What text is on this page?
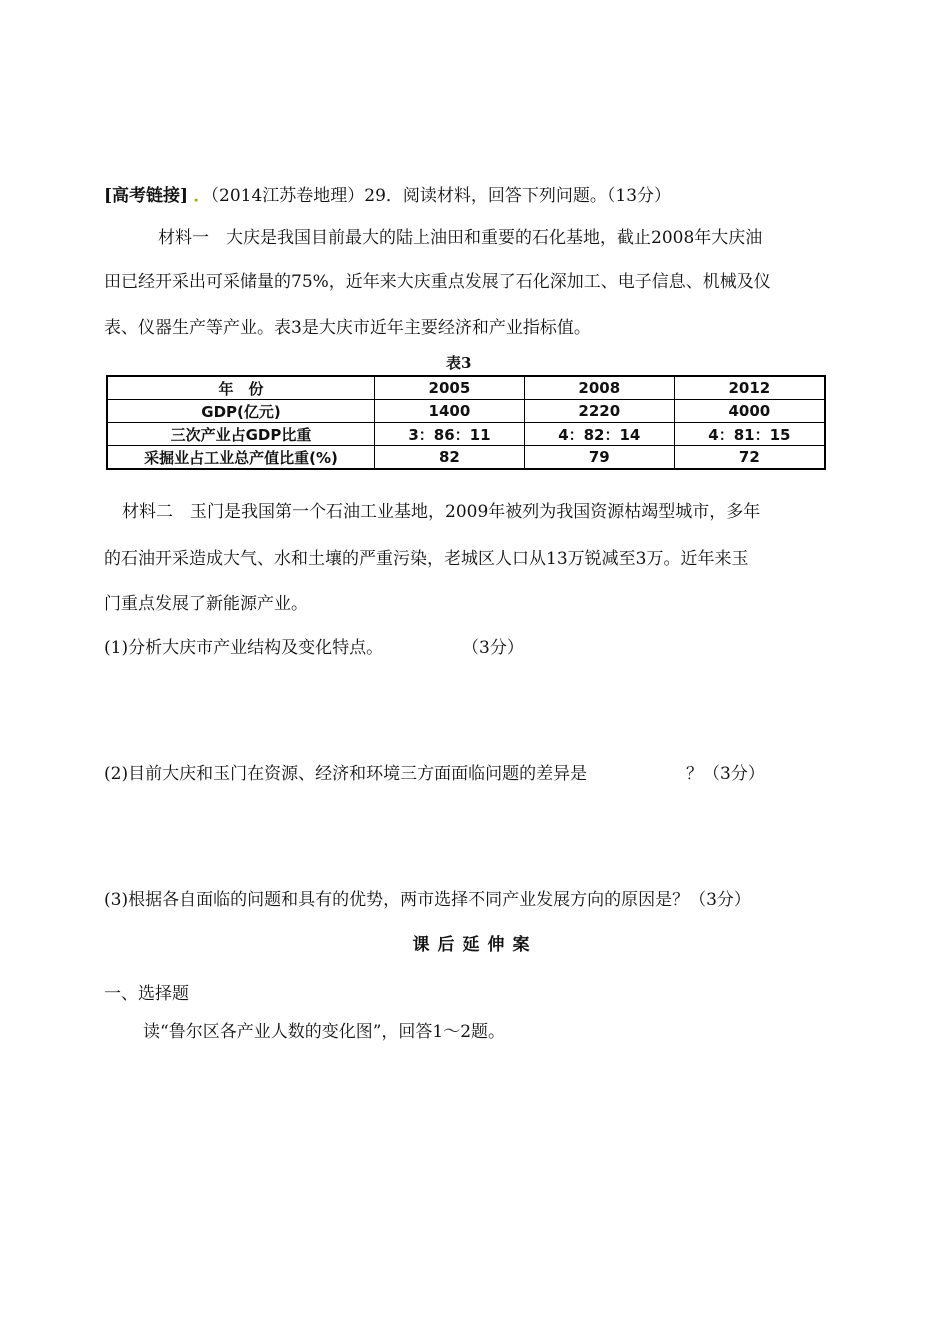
[高考链接] ．（2014江苏卷地理）29．阅读材料，回答下列问题。（13分）
材料一　大庆是我国目前最大的陆上油田和重要的石化基地，截止2008年大庆油
田已经开采出可采储量的75%，近年来大庆重点发展了石化深加工、电子信息、机械及仪
表、仪器生产等产业。表3是大庆市近年主要经济和产业指标值。
表3
年　份	2005	2008	2012
GDP(亿元)	1400	2220	4000
三次产业占GDP比重	3：86：11	4：82：14	4：81：15
采掘业占工业总产值比重(%)	82	79	72
材料二　玉门是我国第一个石油工业基地，2009年被列为我国资源枯竭型城市，多年
的石油开采造成大气、水和土壤的严重污染，老城区人口从13万锐减至3万。近年来玉
门重点发展了新能源产业。
(1)分析大庆市产业结构及变化特点。	（3分）
(2)目前大庆和玉门在资源、经济和环境三方面面临问题的差异是	？（3分）
(3)根据各自面临的问题和具有的优势，两市选择不同产业发展方向的原因是？（3分）
课后延伸案
一、选择题
读“鲁尔区各产业人数的变化图”，回答1～2题。
